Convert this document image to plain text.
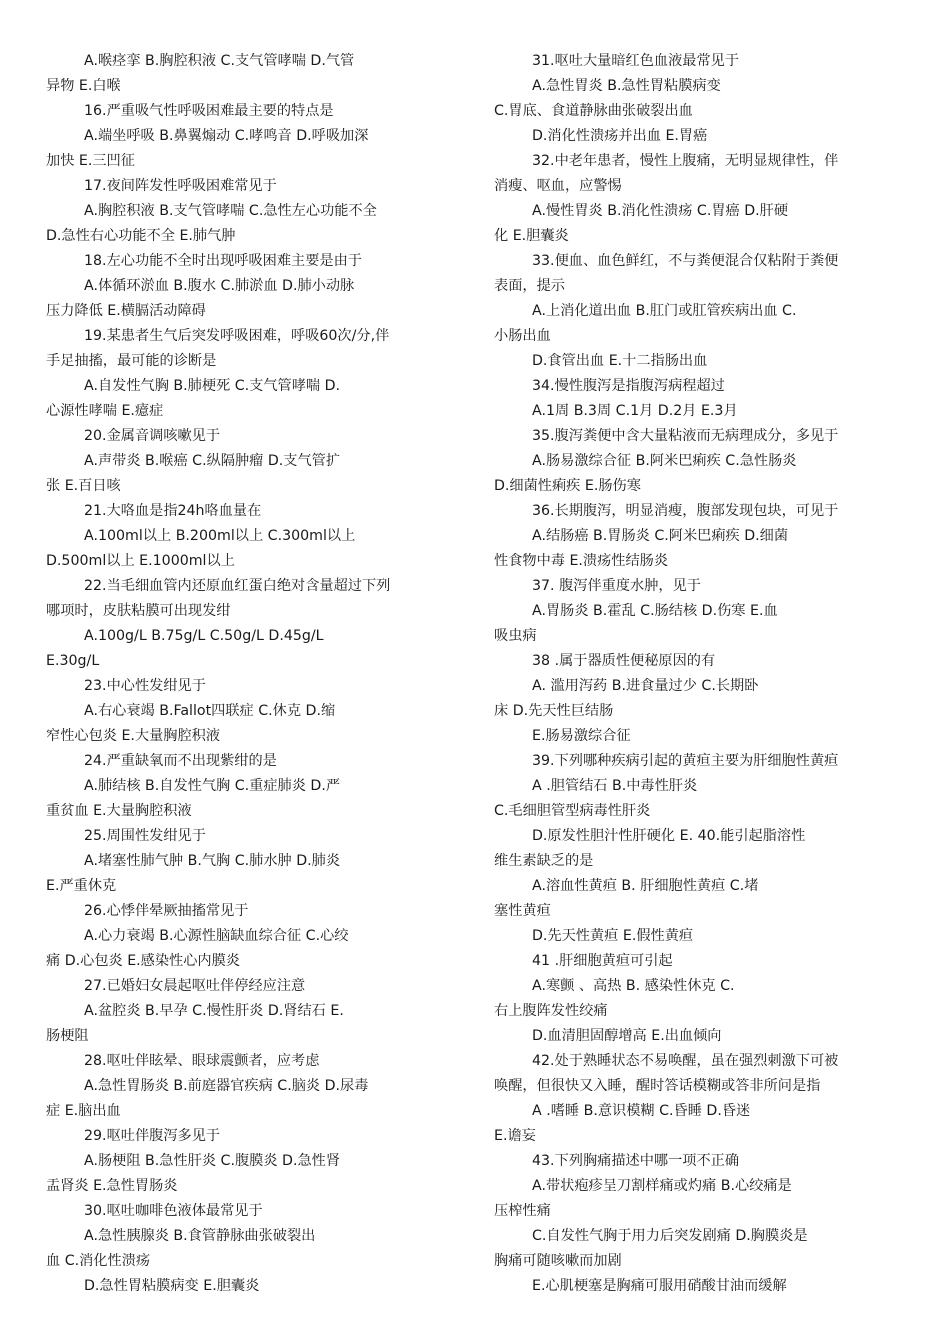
A.喉痉挛 B.胸腔积液 C.支气管哮喘 D.气管
异物 E.白喉
16.严重吸气性呼吸困难最主要的特点是
A.端坐呼吸 B.鼻翼煽动 C.哮鸣音 D.呼吸加深
加快 E.三凹征
17.夜间阵发性呼吸困难常见于
A.胸腔积液 B.支气管哮喘 C.急性左心功能不全
D.急性右心功能不全 E.肺气肿
18.左心功能不全时出现呼吸困难主要是由于
A.体循环淤血 B.腹水 C.肺淤血 D.肺小动脉
压力降低 E.横膈活动障碍
19.某患者生气后突发呼吸困难，呼吸60次/分,伴
手足抽搐，最可能的诊断是
A.自发性气胸 B.肺梗死 C.支气管哮喘 D.
心源性哮喘 E.癔症
20.金属音调咳嗽见于
A.声带炎 B.喉癌 C.纵隔肿瘤 D.支气管扩
张 E.百日咳
21.大咯血是指24h咯血量在
A.100ml以上 B.200ml以上 C.300ml以上
D.500ml以上 E.1000ml以上
22.当毛细血管内还原血红蛋白绝对含量超过下列
哪项时，皮肤粘膜可出现发绀
A.100g/L B.75g/L C.50g/L D.45g/L
E.30g/L
23.中心性发绀见于
A.右心衰竭 B.Fallot四联症 C.休克 D.缩
窄性心包炎 E.大量胸腔积液
24.严重缺氧而不出现紫绀的是
A.肺结核 B.自发性气胸 C.重症肺炎 D.严
重贫血 E.大量胸腔积液
25.周围性发绀见于
A.堵塞性肺气肿 B.气胸 C.肺水肿 D.肺炎
E.严重休克
26.心悸伴晕厥抽搐常见于
A.心力衰竭 B.心源性脑缺血综合征 C.心绞
痛 D.心包炎 E.感染性心内膜炎
27.已婚妇女晨起呕吐伴停经应注意
A.盆腔炎 B.早孕 C.慢性肝炎 D.肾结石 E.
肠梗阻
28.呕吐伴眩晕、眼球震颤者，应考虑
A.急性胃肠炎 B.前庭器官疾病 C.脑炎 D.尿毒
症 E.脑出血
29.呕吐伴腹泻多见于
A.肠梗阻 B.急性肝炎 C.腹膜炎 D.急性肾
盂肾炎 E.急性胃肠炎
30.呕吐咖啡色液体最常见于
A.急性胰腺炎 B.食管静脉曲张破裂出
血 C.消化性溃疡
D.急性胃粘膜病变 E.胆囊炎
31.呕吐大量暗红色血液最常见于
A.急性胃炎 B.急性胃粘膜病变
C.胃底、食道静脉曲张破裂出血
D.消化性溃疡并出血 E.胃癌
32.中老年患者，慢性上腹痛，无明显规律性，伴
消瘦、呕血，应警惕
A.慢性胃炎 B.消化性溃疡 C.胃癌 D.肝硬
化 E.胆囊炎
33.便血、血色鲜红，不与粪便混合仅粘附于粪便
表面，提示
A.上消化道出血 B.肛门或肛管疾病出血 C.
小肠出血
D.食管出血 E.十二指肠出血
34.慢性腹泻是指腹泻病程超过
A.1周 B.3周 C.1月 D.2月 E.3月
35.腹泻粪便中含大量粘液而无病理成分，多见于
A.肠易激综合征 B.阿米巴痢疾 C.急性肠炎
D.细菌性痢疾 E.肠伤寒
36.长期腹泻，明显消瘦，腹部发现包块，可见于
A.结肠癌 B.胃肠炎 C.阿米巴痢疾 D.细菌
性食物中毒 E.溃疡性结肠炎
37. 腹泻伴重度水肿，见于
A.胃肠炎 B.霍乱 C.肠结核 D.伤寒 E.血
吸虫病
38 .属于器质性便秘原因的有
A. 滥用泻药 B.进食量过少 C.长期卧
床 D.先天性巨结肠
E.肠易激综合征
39.下列哪种疾病引起的黄疸主要为肝细胞性黄疸
A .胆管结石 B.中毒性肝炎
C.毛细胆管型病毒性肝炎
D.原发性胆汁性肝硬化 E. 40.能引起脂溶性
维生素缺乏的是
A.溶血性黄疸 B. 肝细胞性黄疸 C.堵
塞性黄疸
D.先天性黄疸 E.假性黄疸
41 .肝细胞黄疸可引起
A.寒颤 、高热 B. 感染性休克 C.
右上腹阵发性绞痛
D.血清胆固醇增高 E.出血倾向
42.处于熟睡状态不易唤醒，虽在强烈刺激下可被
唤醒，但很快又入睡，醒时答话模糊或答非所问是指
A .嗜睡 B.意识模糊 C.昏睡 D.昏迷
E.谵妄
43.下列胸痛描述中哪一项不正确
A.带状疱疹呈刀割样痛或灼痛 B.心绞痛是
压榨性痛
C.自发性气胸于用力后突发剧痛 D.胸膜炎是
胸痛可随咳嗽而加剧
E.心肌梗塞是胸痛可服用硝酸甘油而缓解
